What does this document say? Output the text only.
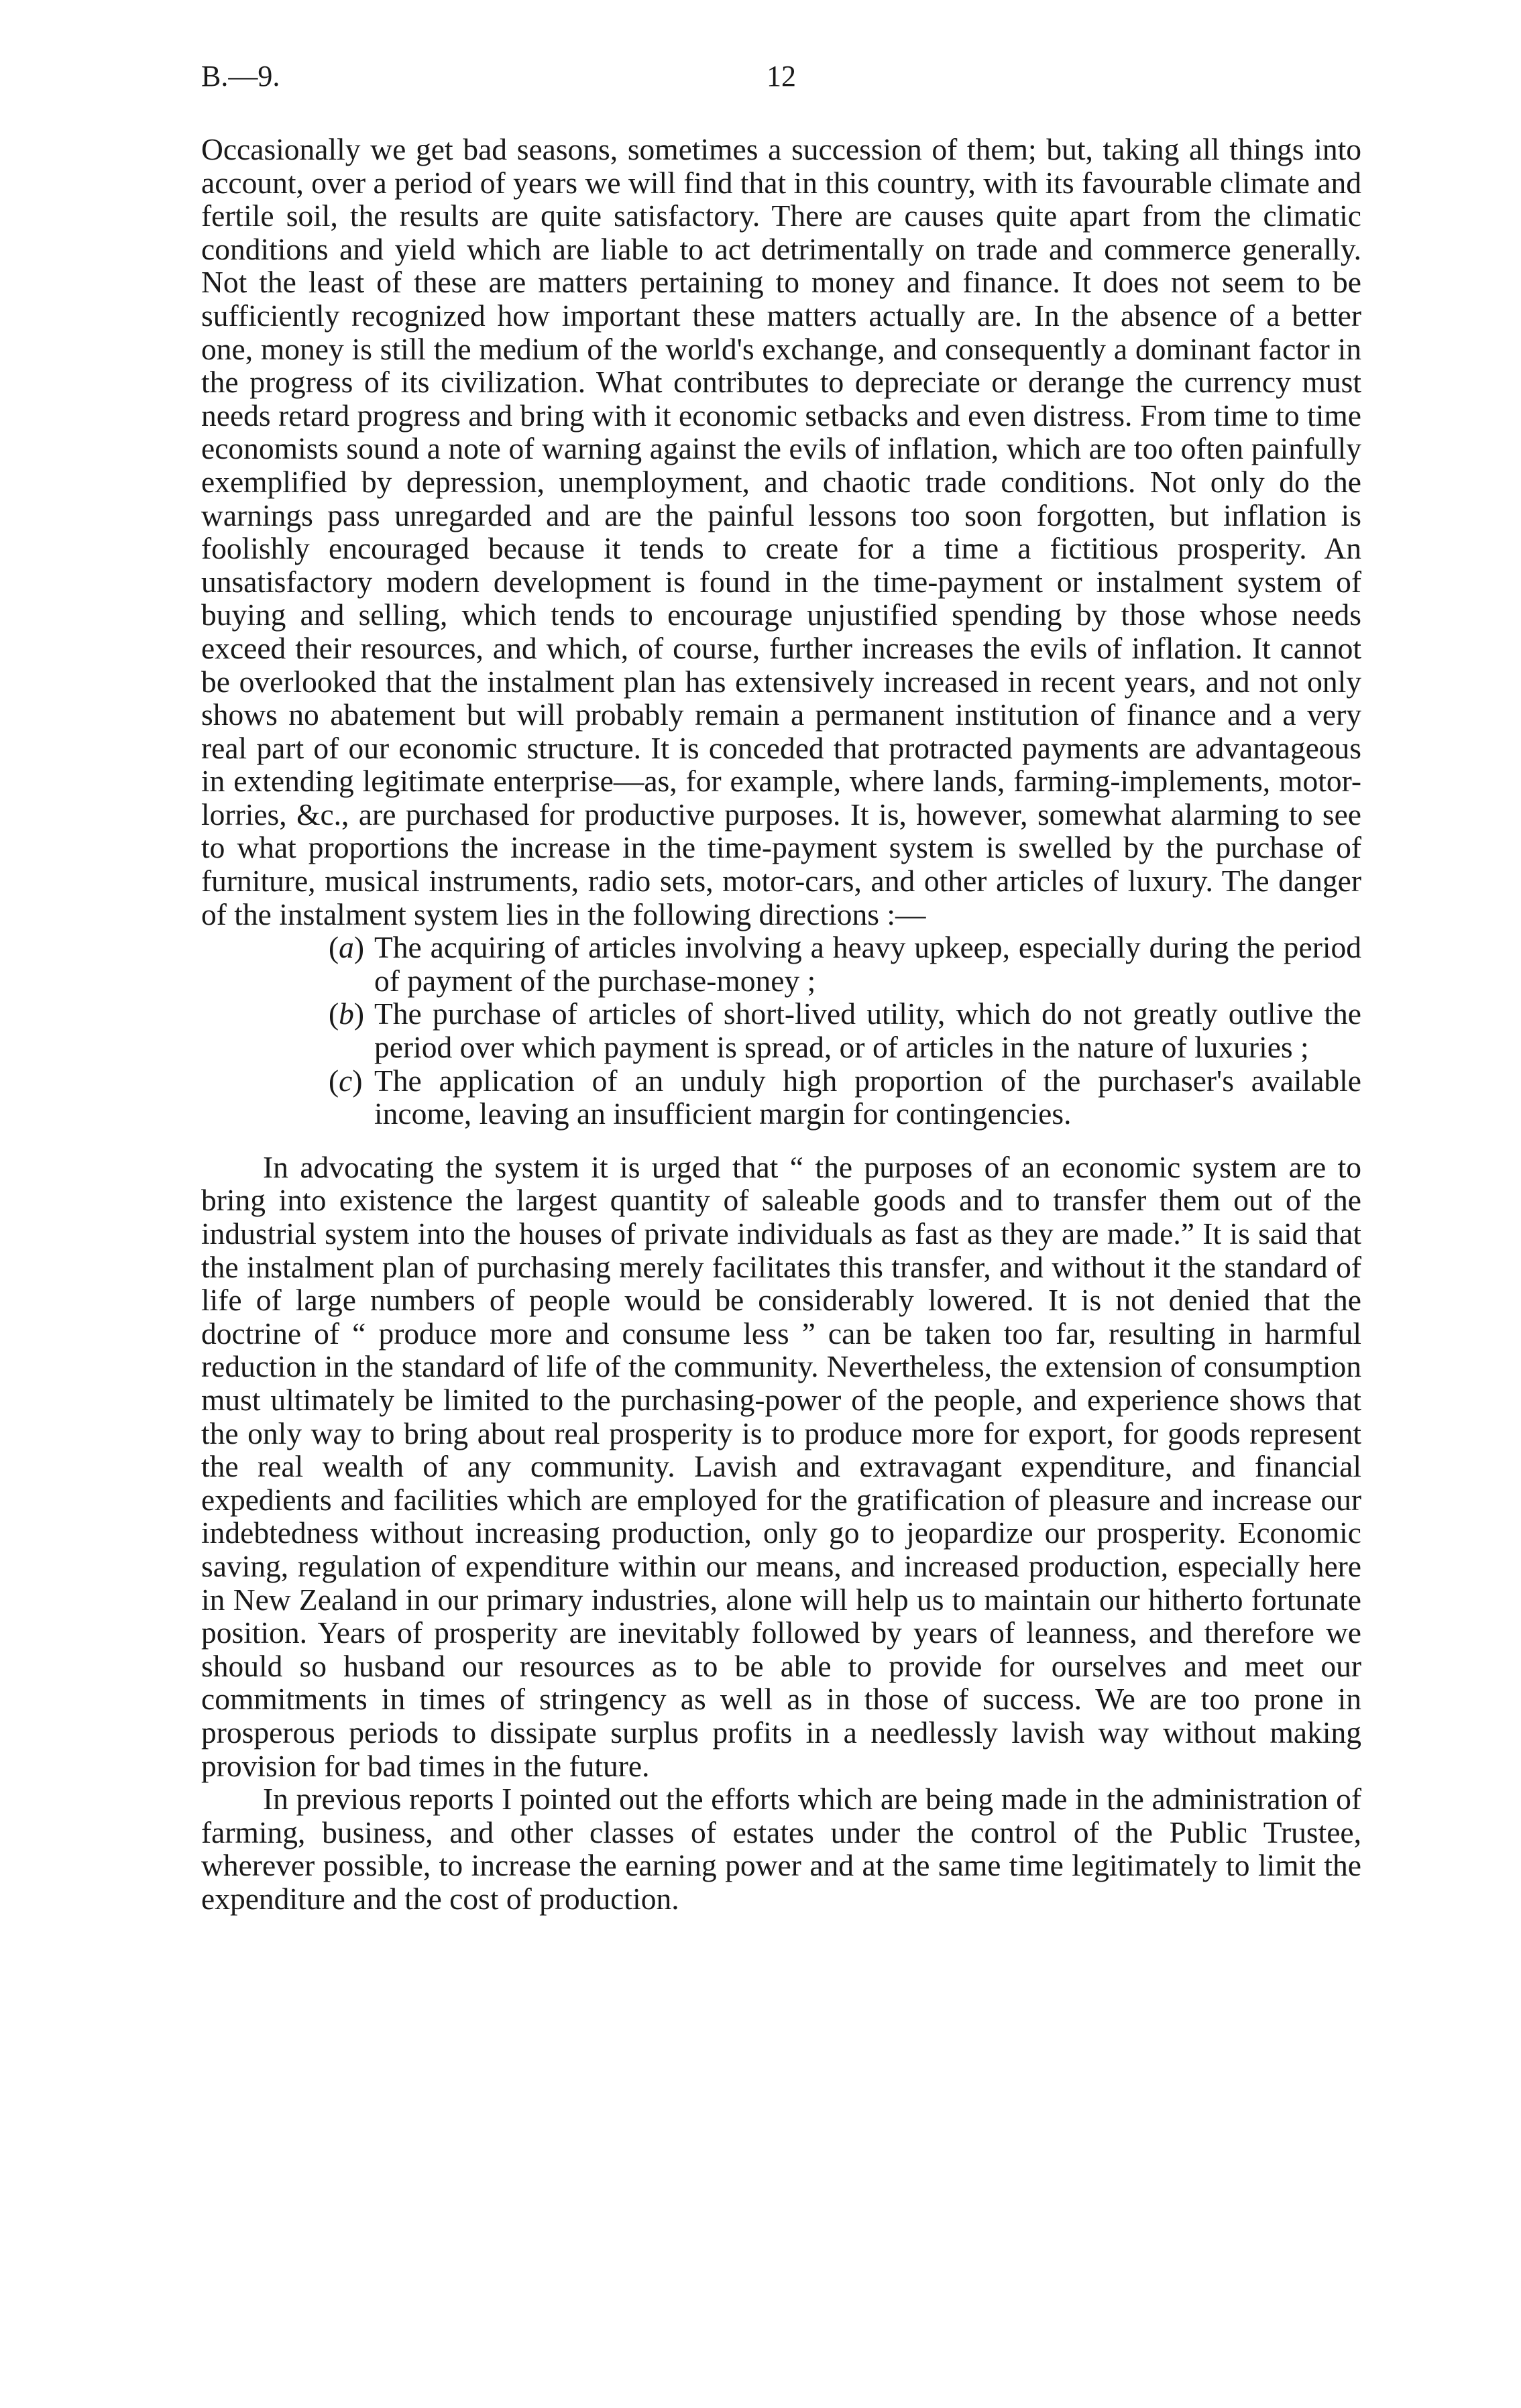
B.—9.	12

Occasionally we get bad seasons, sometimes a succession of them; but, taking all things into account, over a period of years we will find that in this country, with its favourable climate and fertile soil, the results are quite satisfactory. There are causes quite apart from the climatic conditions and yield which are liable to act detrimentally on trade and commerce generally. Not the least of these are matters pertaining to money and finance. It does not seem to be sufficiently recognized how important these matters actually are. In the absence of a better one, money is still the medium of the world's exchange, and consequently a dominant factor in the progress of its civilization. What contributes to depreciate or derange the currency must needs retard progress and bring with it economic setbacks and even distress. From time to time economists sound a note of warning against the evils of inflation, which are too often painfully exemplified by depression, unemployment, and chaotic trade conditions. Not only do the warnings pass unregarded and are the painful lessons too soon forgotten, but inflation is foolishly encouraged because it tends to create for a time a fictitious prosperity. An unsatisfactory modern development is found in the time-payment or instalment system of buying and selling, which tends to encourage unjustified spending by those whose needs exceed their resources, and which, of course, further increases the evils of inflation. It cannot be overlooked that the instalment plan has extensively increased in recent years, and not only shows no abatement but will probably remain a permanent institution of finance and a very real part of our economic structure. It is conceded that protracted payments are advantageous in extending legitimate enterprise—as, for example, where lands, farming-implements, motor-lorries, &c., are purchased for productive purposes. It is, however, somewhat alarming to see to what proportions the increase in the time-payment system is swelled by the purchase of furniture, musical instruments, radio sets, motor-cars, and other articles of luxury. The danger of the instalment system lies in the following directions :—

(a) The acquiring of articles involving a heavy upkeep, especially during the period of payment of the purchase-money ;
(b) The purchase of articles of short-lived utility, which do not greatly outlive the period over which payment is spread, or of articles in the nature of luxuries ;
(c) The application of an unduly high proportion of the purchaser's available income, leaving an insufficient margin for contingencies.

In advocating the system it is urged that “ the purposes of an economic system are to bring into existence the largest quantity of saleable goods and to transfer them out of the industrial system into the houses of private individuals as fast as they are made.” It is said that the instalment plan of purchasing merely facilitates this transfer, and without it the standard of life of large numbers of people would be considerably lowered. It is not denied that the doctrine of “ produce more and consume less ” can be taken too far, resulting in harmful reduction in the standard of life of the community. Nevertheless, the extension of consumption must ultimately be limited to the purchasing-power of the people, and experience shows that the only way to bring about real prosperity is to produce more for export, for goods represent the real wealth of any community. Lavish and extravagant expenditure, and financial expedients and facilities which are employed for the gratification of pleasure and increase our indebtedness without increasing production, only go to jeopardize our prosperity. Economic saving, regulation of expenditure within our means, and increased production, especially here in New Zealand in our primary industries, alone will help us to maintain our hitherto fortunate position. Years of prosperity are inevitably followed by years of leanness, and therefore we should so husband our resources as to be able to provide for ourselves and meet our commitments in times of stringency as well as in those of success. We are too prone in prosperous periods to dissipate surplus profits in a needlessly lavish way without making provision for bad times in the future.

In previous reports I pointed out the efforts which are being made in the administration of farming, business, and other classes of estates under the control of the Public Trustee, wherever possible, to increase the earning power and at the same time legitimately to limit the expenditure and the cost of production.
